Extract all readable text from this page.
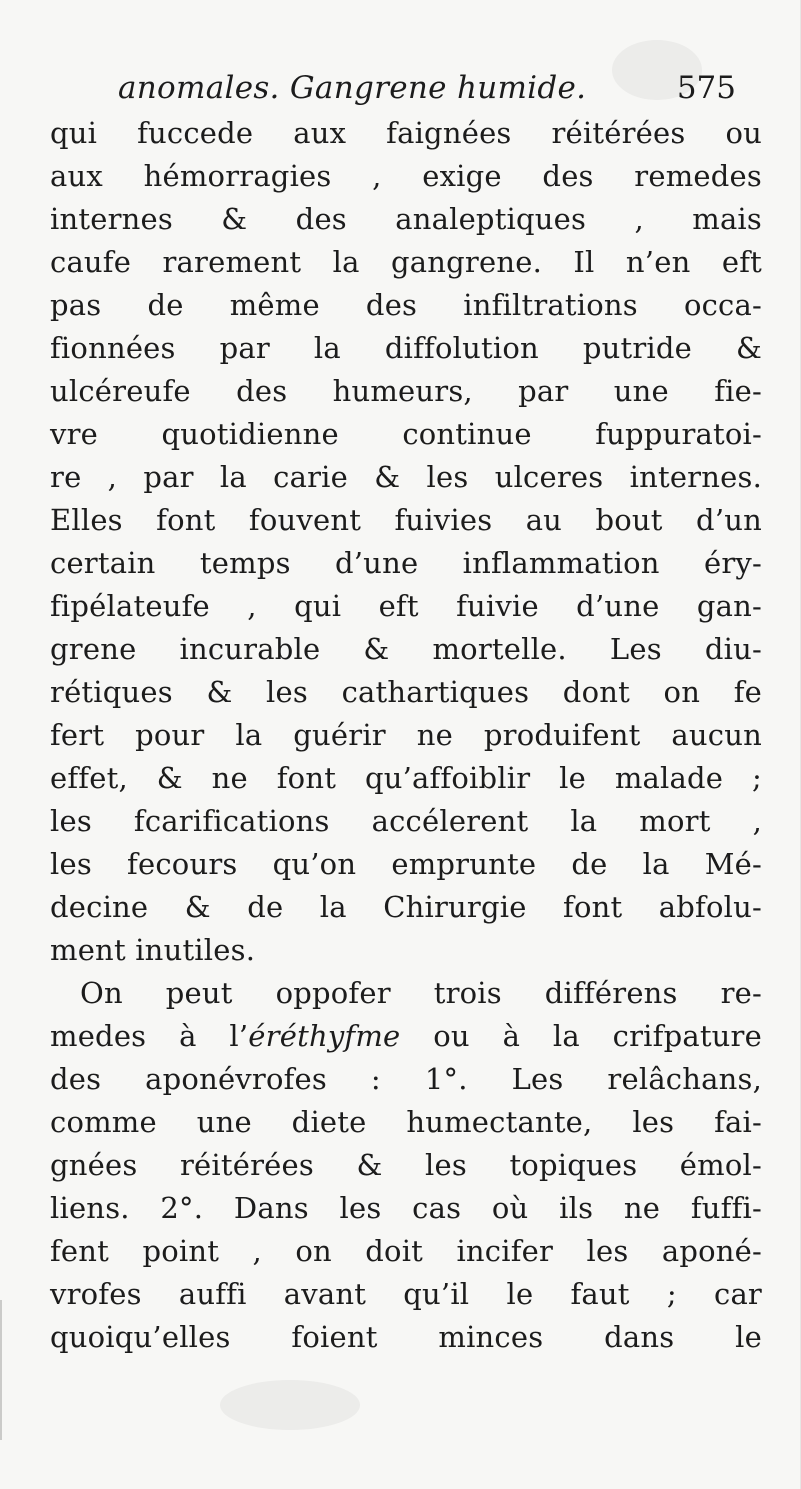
anomales. Gangrene humide.	575
qui fuccede aux faignées réitérées ou
aux hémorragies , exige des remedes
internes & des analeptiques , mais
caufe rarement la gangrene. Il n’en eft
pas de même des infiltrations occa-
fionnées par la diffolution putride &
ulcéreufe des humeurs, par une fie-
vre quotidienne continue fuppuratoi-
re , par la carie & les ulceres internes.
Elles font fouvent fuivies au bout d’un
certain temps d’une inflammation éry-
fipélateufe , qui eft fuivie d’une gan-
grene incurable & mortelle. Les diu-
rétiques & les cathartiques dont on fe
fert pour la guérir ne produifent aucun
effet, & ne font qu’affoiblir le malade ;
les fcarifications accélerent la mort ,
les fecours qu’on emprunte de la Mé-
decine & de la Chirurgie font abfolu-
ment inutiles.
On peut oppofer trois différens re-
medes à l’éréthyfme ou à la crifpature
des aponévrofes : 1°. Les relâchans,
comme une diete humectante, les fai-
gnées réitérées & les topiques émol-
liens. 2°. Dans les cas où ils ne fuffi-
fent point , on doit incifer les aponé-
vrofes auffi avant qu’il le faut ; car
quoiqu’elles foient minces dans le
